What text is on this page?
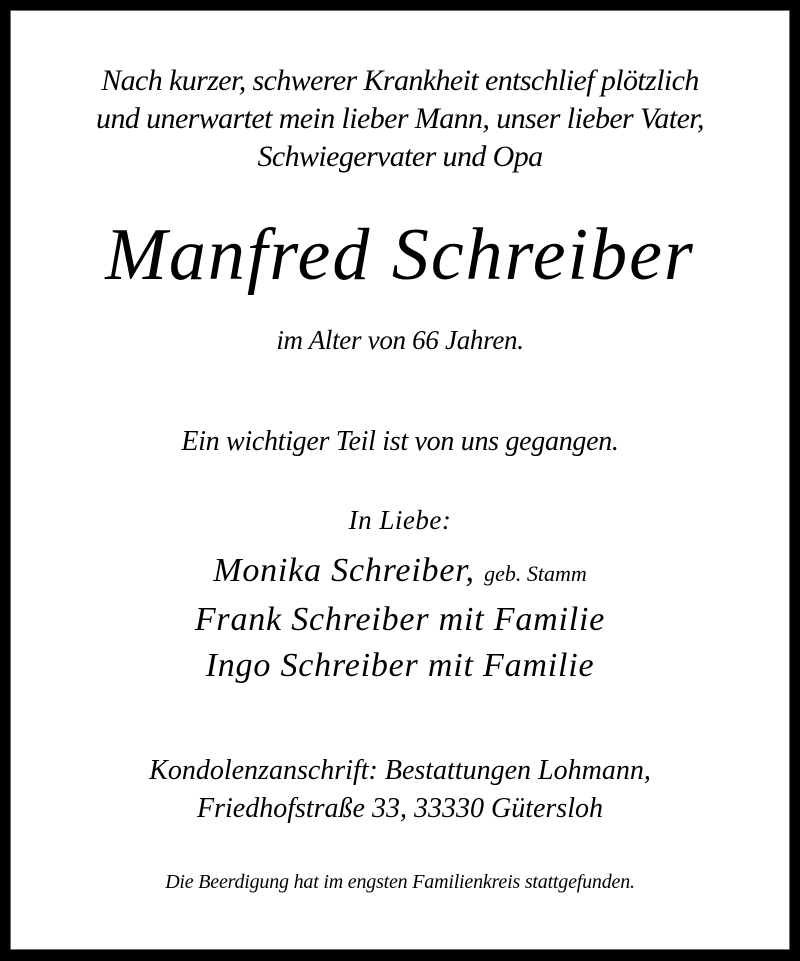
Nach kurzer, schwerer Krankheit entschlief plötzlich
und unerwartet mein lieber Mann, unser lieber Vater,
Schwiegervater und Opa
Manfred Schreiber
im Alter von 66 Jahren.
Ein wichtiger Teil ist von uns gegangen.
In Liebe:
Monika Schreiber, geb. Stamm
Frank Schreiber mit Familie
Ingo Schreiber mit Familie
Kondolenzanschrift: Bestattungen Lohmann,
Friedhofstraße 33, 33330 Gütersloh
Die Beerdigung hat im engsten Familienkreis stattgefunden.
